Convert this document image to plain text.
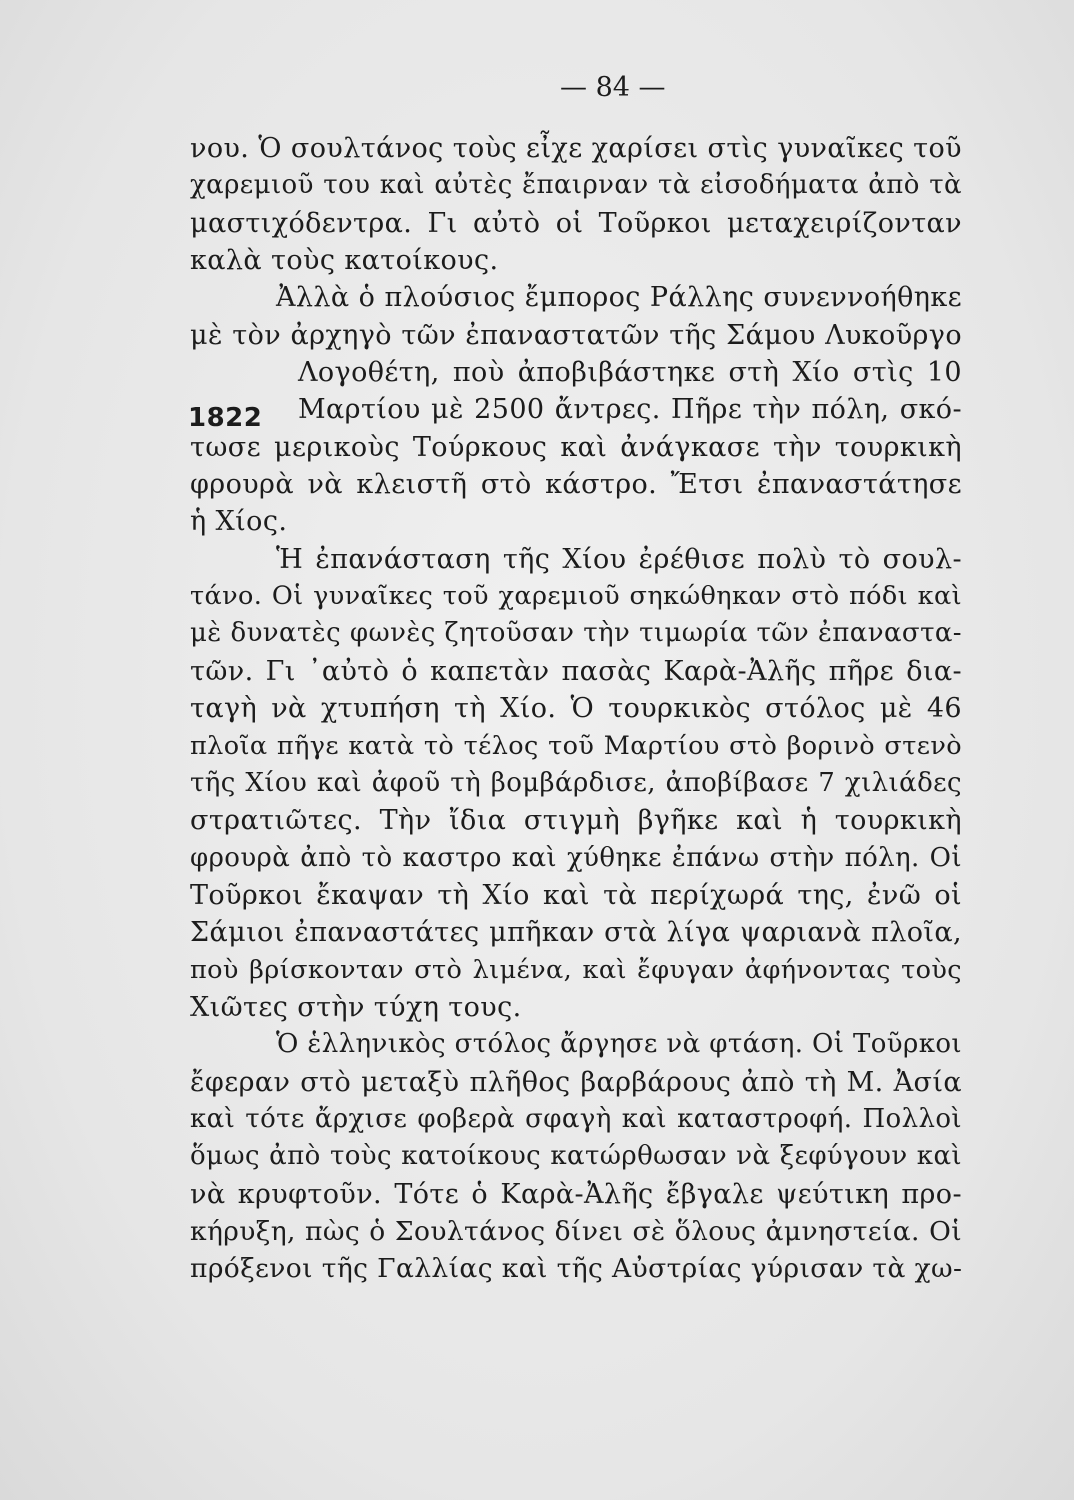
— 84 —
1822
νου. Ὁ σουλτάνος τοὺς εἶχε χαρίσει στὶς γυναῖκες τοῦ
χαρεμιοῦ του καὶ αὐτὲς ἔπαιρναν τὰ εἰσοδήματα ἀπὸ τὰ
μαστιχόδεντρα. Γι αὐτὸ οἱ Τοῦρκοι μεταχειρίζονταν
καλὰ τοὺς κατοίκους.
Ἀλλὰ ὁ πλούσιος ἔμπορος Ράλλης συνεννοήθηκε
μὲ τὸν ἀρχηγὸ τῶν ἐπαναστατῶν τῆς Σάμου Λυκοῦργο
Λογοθέτη, ποὺ ἀποβιβάστηκε στὴ Χίο στὶς 10
Μαρτίου μὲ 2500 ἄντρες. Πῆρε τὴν πόλη, σκό-
τωσε μερικοὺς Τούρκους καὶ ἀνάγκασε τὴν τουρκικὴ
φρουρὰ νὰ κλειστῆ στὸ κάστρο. Ἔτσι ἐπαναστάτησε
ἡ Χίος.
Ἡ ἐπανάσταση τῆς Χίου ἐρέθισε πολὺ τὸ σουλ-
τάνο. Οἱ γυναῖκες τοῦ χαρεμιοῦ σηκώθηκαν στὸ πόδι καὶ
μὲ δυνατὲς φωνὲς ζητοῦσαν τὴν τιμωρία τῶν ἐπαναστα-
τῶν. Γι ᾿αὐτὸ ὁ καπετὰν πασὰς Καρὰ-Ἀλῆς πῆρε δια-
ταγὴ νὰ χτυπήση τὴ Χίο. Ὁ τουρκικὸς στόλος μὲ 46
πλοῖα πῆγε κατὰ τὸ τέλος τοῦ Μαρτίου στὸ βορινὸ στενὸ
τῆς Χίου καὶ ἀφοῦ τὴ βομβάρδισε, ἀποβίβασε 7 χιλιάδες
στρατιῶτες. Τὴν ἴδια στιγμὴ βγῆκε καὶ ἡ τουρκικὴ
φρουρὰ ἀπὸ τὸ καστρο καὶ χύθηκε ἐπάνω στὴν πόλη. Οἱ
Τοῦρκοι ἔκαψαν τὴ Χίο καὶ τὰ περίχωρά της, ἐνῶ οἱ
Σάμιοι ἐπαναστάτες μπῆκαν στὰ λίγα ψαριανὰ πλοῖα,
ποὺ βρίσκονταν στὸ λιμένα, καὶ ἔφυγαν ἀφήνοντας τοὺς
Χιῶτες στὴν τύχη τους.
Ὁ ἑλληνικὸς στόλος ἄργησε νὰ φτάση. Οἱ Τοῦρκοι
ἔφεραν στὸ μεταξὺ πλῆθος βαρβάρους ἀπὸ τὴ Μ. Ἀσία
καὶ τότε ἄρχισε φοβερὰ σφαγὴ καὶ καταστροφή. Πολλοὶ
ὅμως ἀπὸ τοὺς κατοίκους κατώρθωσαν νὰ ξεφύγουν καὶ
νὰ κρυφτοῦν. Τότε ὁ Καρὰ-Ἀλῆς ἔβγαλε ψεύτικη προ-
κήρυξη, πὼς ὁ Σουλτάνος δίνει σὲ ὅλους ἀμνηστεία. Οἱ
πρόξενοι τῆς Γαλλίας καὶ τῆς Αὐστρίας γύρισαν τὰ χω-
